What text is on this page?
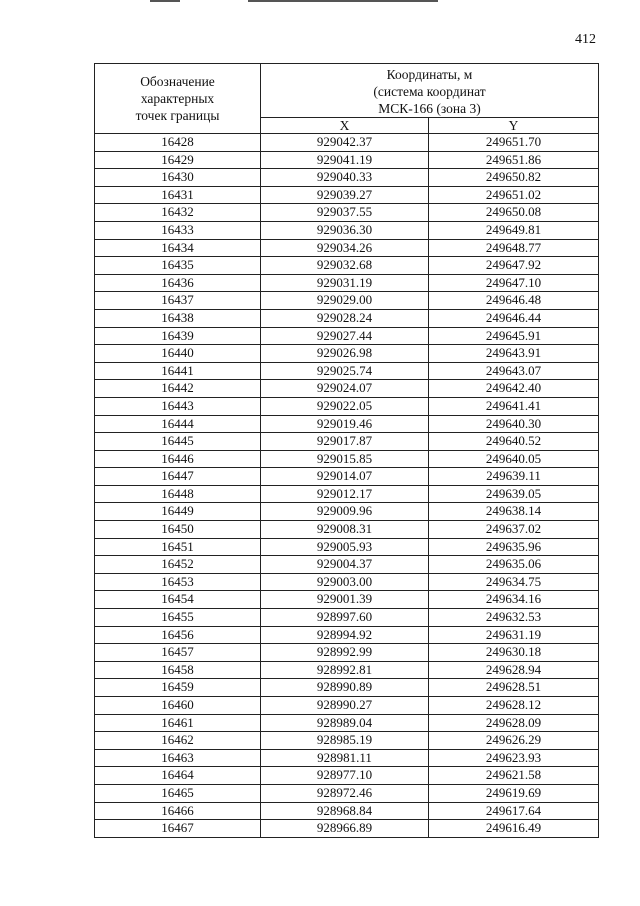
412
Обозначение
характерных
точек границы	Координаты, м
(система координат
МСК-166 (зона 3)	

	X	Y
16428	929042.37	249651.70
16429	929041.19	249651.86
16430	929040.33	249650.82
16431	929039.27	249651.02
16432	929037.55	249650.08
16433	929036.30	249649.81
16434	929034.26	249648.77
16435	929032.68	249647.92
16436	929031.19	249647.10
16437	929029.00	249646.48
16438	929028.24	249646.44
16439	929027.44	249645.91
16440	929026.98	249643.91
16441	929025.74	249643.07
16442	929024.07	249642.40
16443	929022.05	249641.41
16444	929019.46	249640.30
16445	929017.87	249640.52
16446	929015.85	249640.05
16447	929014.07	249639.11
16448	929012.17	249639.05
16449	929009.96	249638.14
16450	929008.31	249637.02
16451	929005.93	249635.96
16452	929004.37	249635.06
16453	929003.00	249634.75
16454	929001.39	249634.16
16455	928997.60	249632.53
16456	928994.92	249631.19
16457	928992.99	249630.18
16458	928992.81	249628.94
16459	928990.89	249628.51
16460	928990.27	249628.12
16461	928989.04	249628.09
16462	928985.19	249626.29
16463	928981.11	249623.93
16464	928977.10	249621.58
16465	928972.46	249619.69
16466	928968.84	249617.64
16467	928966.89	249616.49
